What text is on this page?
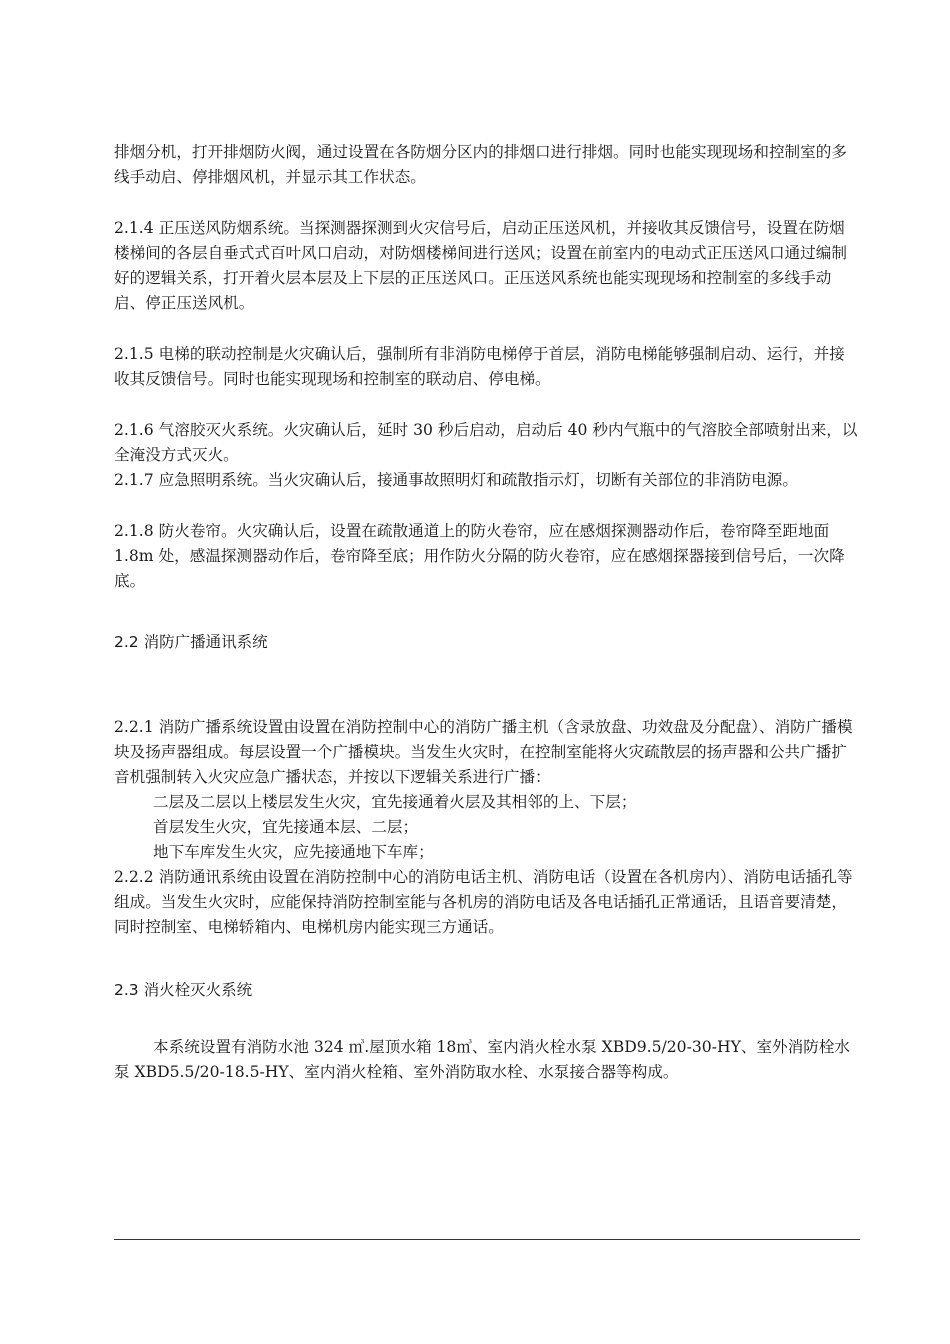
排烟分机，打开排烟防火阀，通过设置在各防烟分区内的排烟口进行排烟。同时也能实现现场和控制室的多线手动启、停排烟风机，并显示其工作状态。

2.1.4 正压送风防烟系统。当探测器探测到火灾信号后，启动正压送风机，并接收其反馈信号，设置在防烟楼梯间的各层自垂式式百叶风口启动，对防烟楼梯间进行送风；设置在前室内的电动式正压送风口通过编制好的逻辑关系，打开着火层本层及上下层的正压送风口。正压送风系统也能实现现场和控制室的多线手动启、停正压送风机。

2.1.5 电梯的联动控制是火灾确认后，强制所有非消防电梯停于首层，消防电梯能够强制启动、运行，并接收其反馈信号。同时也能实现现场和控制室的联动启、停电梯。

2.1.6 气溶胶灭火系统。火灾确认后，延时 30 秒后启动，启动后 40 秒内气瓶中的气溶胶全部喷射出来，以全淹没方式灭火。

2.1.7 应急照明系统。当火灾确认后，接通事故照明灯和疏散指示灯，切断有关部位的非消防电源。

2.1.8 防火卷帘。火灾确认后，设置在疏散通道上的防火卷帘，应在感烟探测器动作后，卷帘降至距地面 1.8m 处，感温探测器动作后，卷帘降至底；用作防火分隔的防火卷帘，应在感烟探器接到信号后，一次降底。

2.2 消防广播通讯系统

2.2.1 消防广播系统设置由设置在消防控制中心的消防广播主机（含录放盘、功效盘及分配盘）、消防广播模块及扬声器组成。每层设置一个广播模块。当发生火灾时，在控制室能将火灾疏散层的扬声器和公共广播扩音机强制转入火灾应急广播状态，并按以下逻辑关系进行广播：

二层及二层以上楼层发生火灾，宜先接通着火层及其相邻的上、下层；

首层发生火灾，宜先接通本层、二层；

地下车库发生火灾，应先接通地下车库；

2.2.2 消防通讯系统由设置在消防控制中心的消防电话主机、消防电话（设置在各机房内）、消防电话插孔等组成。当发生火灾时，应能保持消防控制室能与各机房的消防电话及各电话插孔正常通话，且语音要清楚，同时控制室、电梯轿箱内、电梯机房内能实现三方通话。

2.3 消火栓灭火系统

本系统设置有消防水池 324 ㎥.屋顶水箱 18㎥、室内消火栓水泵 XBD9.5/20-30-HY、室外消防栓水泵 XBD5.5/20-18.5-HY、室内消火栓箱、室外消防取水栓、水泵接合器等构成。
